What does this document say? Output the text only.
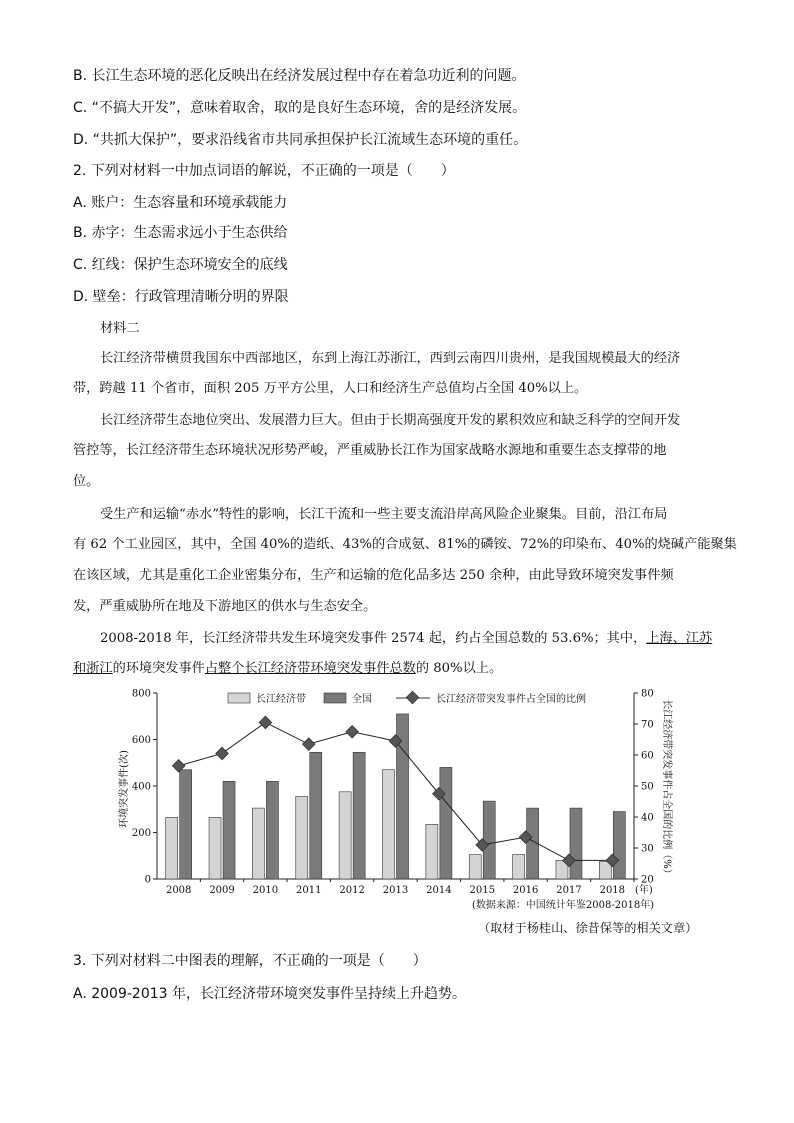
B. 长江生态环境的恶化反映出在经济发展过程中存在着急功近利的问题。
C. “不搞大开发”，意味着取舍，取的是良好生态环境，舍的是经济发展。
D. “共抓大保护”，要求沿线省市共同承担保护长江流域生态环境的重任。
2. 下列对材料一中加点词语的解说，不正确的一项是（　　）
A. 账户：生态容量和环境承载能力
B. 赤字：生态需求远小于生态供给
C. 红线：保护生态环境安全的底线
D. 壁垒：行政管理清晰分明的界限
材料二
长江经济带横贯我国东中西部地区，东到上海江苏浙江，西到云南四川贵州，是我国规模最大的经济
带，跨越 11 个省市，面积 205 万平方公里，人口和经济生产总值均占全国 40%以上。
长江经济带生态地位突出、发展潜力巨大。但由于长期高强度开发的累积效应和缺乏科学的空间开发
管控等，长江经济带生态环境状况形势严峻，严重威胁长江作为国家战略水源地和重要生态支撑带的地
位。
受生产和运输“赤水”特性的影响，长江干流和一些主要支流沿岸高风险企业聚集。目前，沿江布局
有 62 个工业园区，其中，全国 40%的造纸、43%的合成氨、81%的磷铵、72%的印染布、40%的烧碱产能聚集
在该区域，尤其是重化工企业密集分布，生产和运输的危化品多达 250 余种，由此导致环境突发事件频
发，严重威胁所在地及下游地区的供水与生态安全。
2008-2018 年，长江经济带共发生环境突发事件 2574 起，约占全国总数的 53.6%；其中，上海、江苏
和浙江的环境突发事件占整个长江经济带环境突发事件总数的 80%以上。
长江经济带	全国	长江经济带突发事件占全国的比例
环境突发事件(次)	长江经济带突发事件占全国的比例（%）
(年)
(数据来源：中国统计年鉴2008-2018年)
0
200
400
600
800
20
30
40
50
60
70
80
2008 2009 2010 2011 2012 2013 2014 2015 2016 2017 2018
（取材于杨桂山、徐昔保等的相关文章）
3. 下列对材料二中图表的理解，不正确的一项是（　　）
A. 2009-2013 年，长江经济带环境突发事件呈持续上升趋势。
